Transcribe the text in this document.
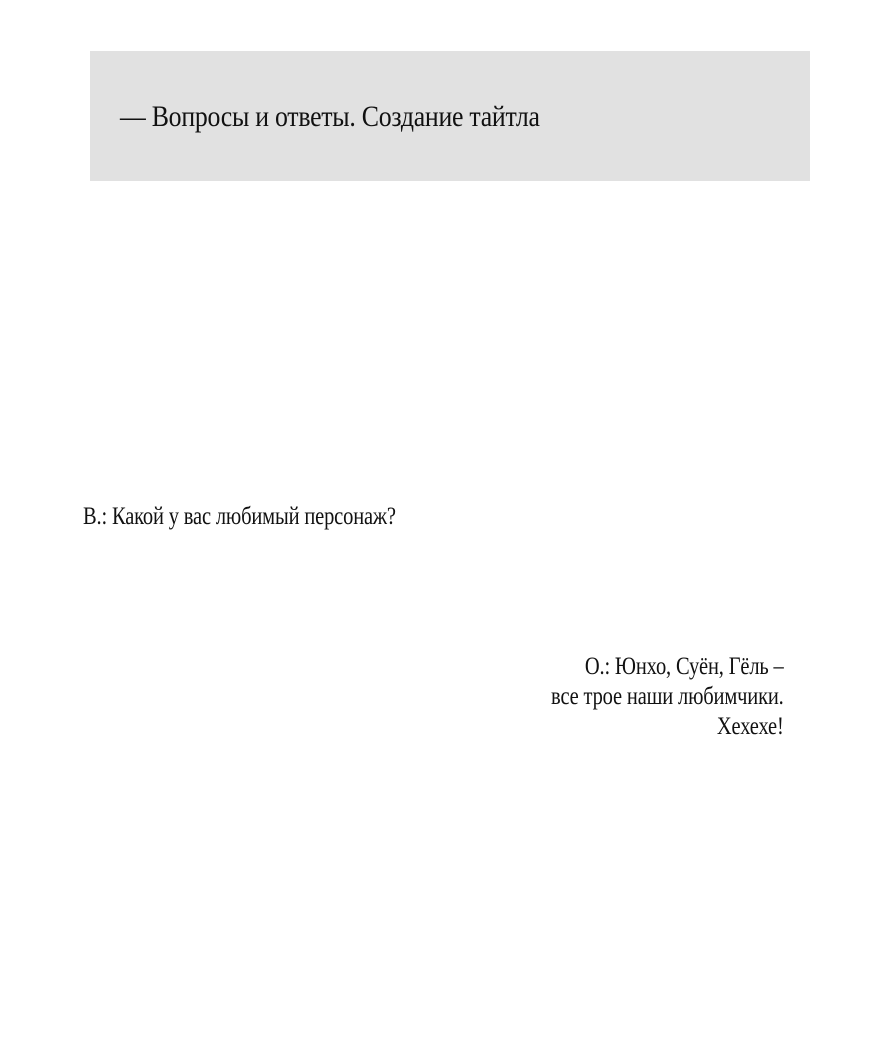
— Вопросы и ответы. Создание тайтла

В.: Какой у вас любимый персонаж?

О.: Юнхо, Суён, Гёль –
все трое наши любимчики.
Хехехе!
